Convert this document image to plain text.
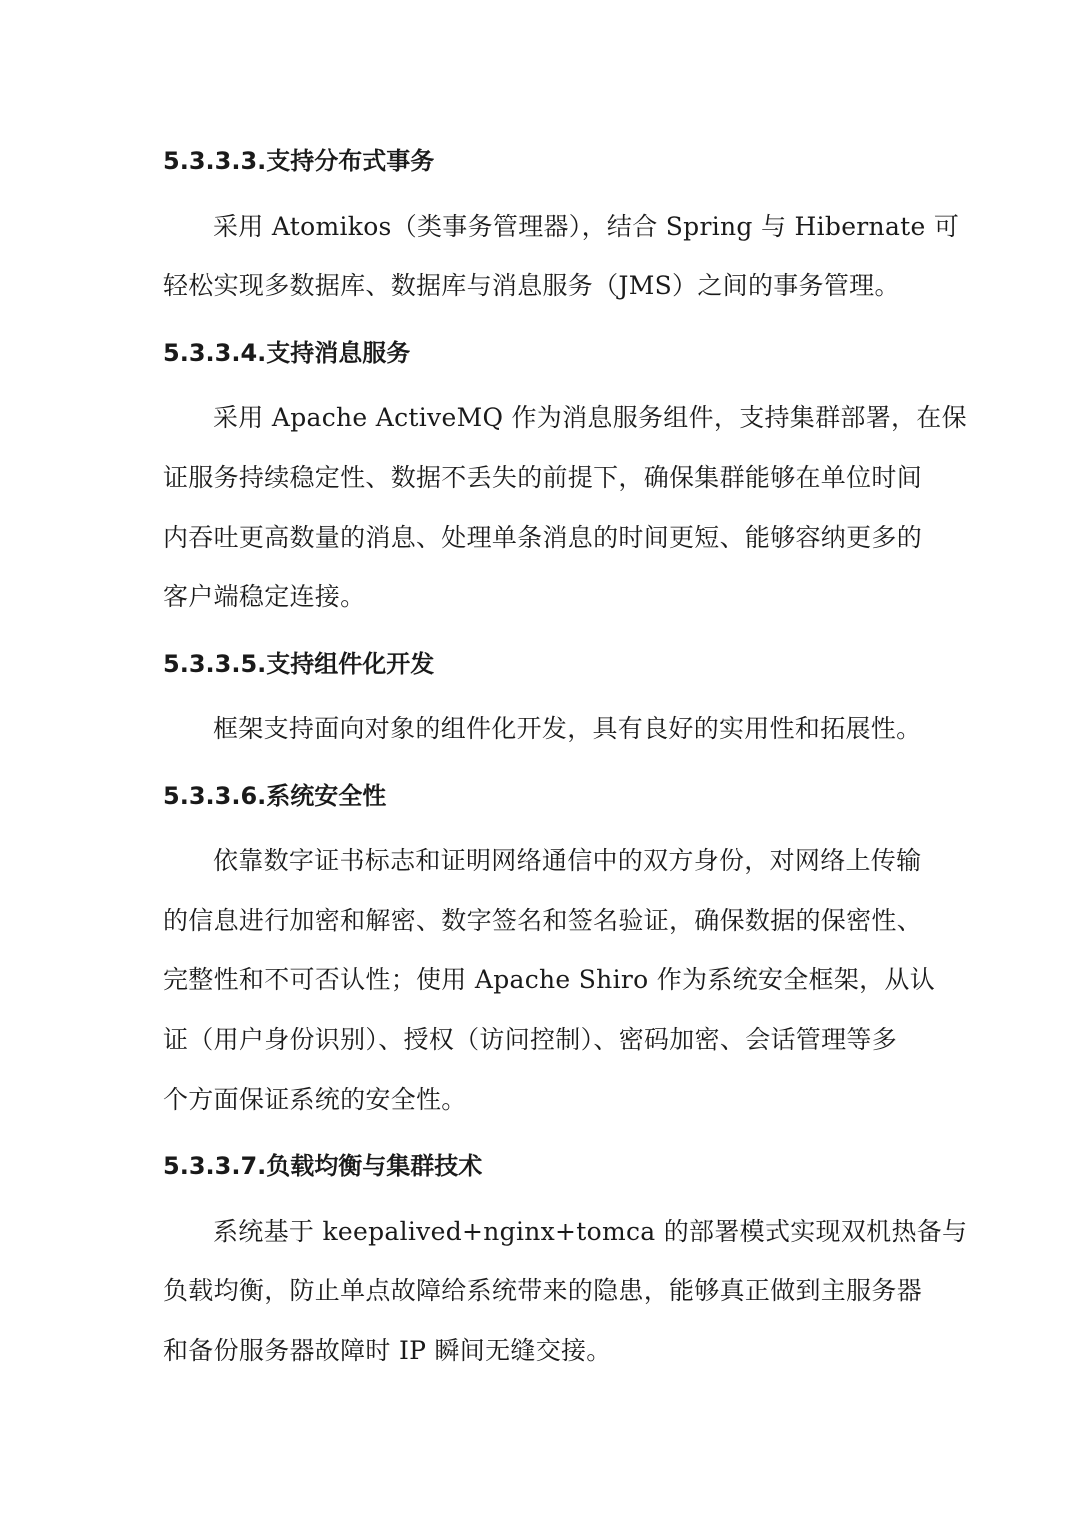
5.3.3.3.支持分布式事务

采用 Atomikos（类事务管理器），结合 Spring 与 Hibernate 可

轻松实现多数据库、数据库与消息服务（JMS）之间的事务管理。

5.3.3.4.支持消息服务

采用 Apache ActiveMQ 作为消息服务组件，支持集群部署，在保

证服务持续稳定性、数据不丢失的前提下，确保集群能够在单位时间

内吞吐更高数量的消息、处理单条消息的时间更短、能够容纳更多的

客户端稳定连接。

5.3.3.5.支持组件化开发

框架支持面向对象的组件化开发，具有良好的实用性和拓展性。

5.3.3.6.系统安全性

依靠数字证书标志和证明网络通信中的双方身份，对网络上传输

的信息进行加密和解密、数字签名和签名验证，确保数据的保密性、

完整性和不可否认性；使用 Apache Shiro 作为系统安全框架，从认

证（用户身份识别）、授权（访问控制）、密码加密、会话管理等多

个方面保证系统的安全性。

5.3.3.7.负载均衡与集群技术

系统基于 keepalived+nginx+tomca 的部署模式实现双机热备与

负载均衡，防止单点故障给系统带来的隐患，能够真正做到主服务器

和备份服务器故障时 IP 瞬间无缝交接。
